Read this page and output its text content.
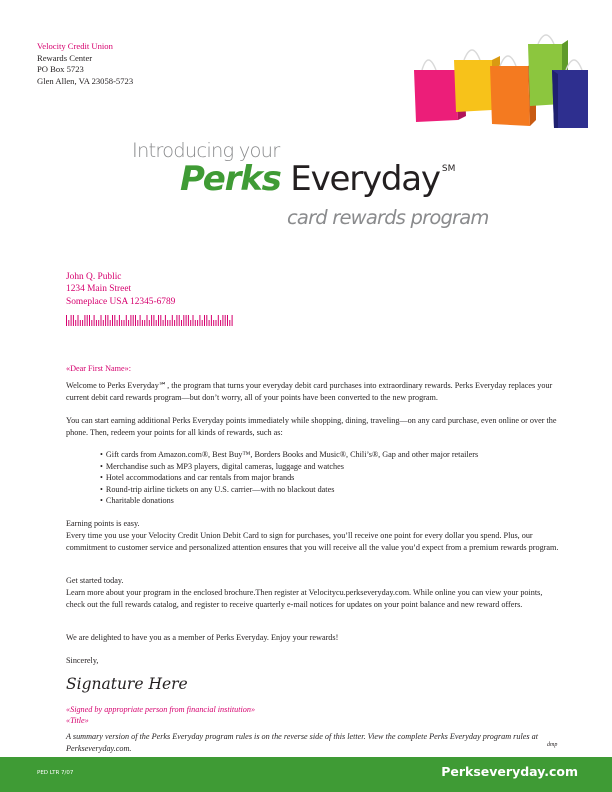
Velocity Credit Union
Rewards Center
PO Box 5723
Glen Allen, VA 23058-5723
Introducing your
Perks Everyday ℠
card rewards program
John Q. Public
1234 Main Street
Someplace USA 12345-6789
«Dear First Name»:
Welcome to Perks Everyday℠, the program that turns your everyday debit card purchases into extraordinary rewards. Perks Everyday replaces your current debit card rewards program—but don’t worry, all of your points have been converted to the new program.
You can start earning additional Perks Everyday points immediately while shopping, dining, traveling—on any card purchase, even online or over the phone. Then, redeem your points for all kinds of rewards, such as:
• Gift cards from Amazon.com®, Best Buy™, Borders Books and Music®, Chili’s®, Gap and other major retailers
• Merchandise such as MP3 players, digital cameras, luggage and watches
• Hotel accommodations and car rentals from major brands
• Round-trip airline tickets on any U.S. carrier—with no blackout dates
• Charitable donations
Earning points is easy.
Every time you use your Velocity Credit Union Debit Card to sign for purchases, you’ll receive one point for every dollar you spend. Plus, our commitment to customer service and personalized attention ensures that you will receive all the value you’d expect from a premium rewards program.
Get started today.
Learn more about your program in the enclosed brochure.Then register at Velocitycu.perkseveryday.com. While online you can view your points, check out the full rewards catalog, and register to receive quarterly e-mail notices for updates on your point balance and new reward offers.
We are delighted to have you as a member of Perks Everyday. Enjoy your rewards!
Sincerely,
Signature Here
«Signed by appropriate person from financial institution»
«Title»
A summary version of the Perks Everyday program rules is on the reverse side of this letter. View the complete Perks Everyday program rules at Perkseveryday.com.	dmp
PED LTR 7/07	Perkseveryday.com
